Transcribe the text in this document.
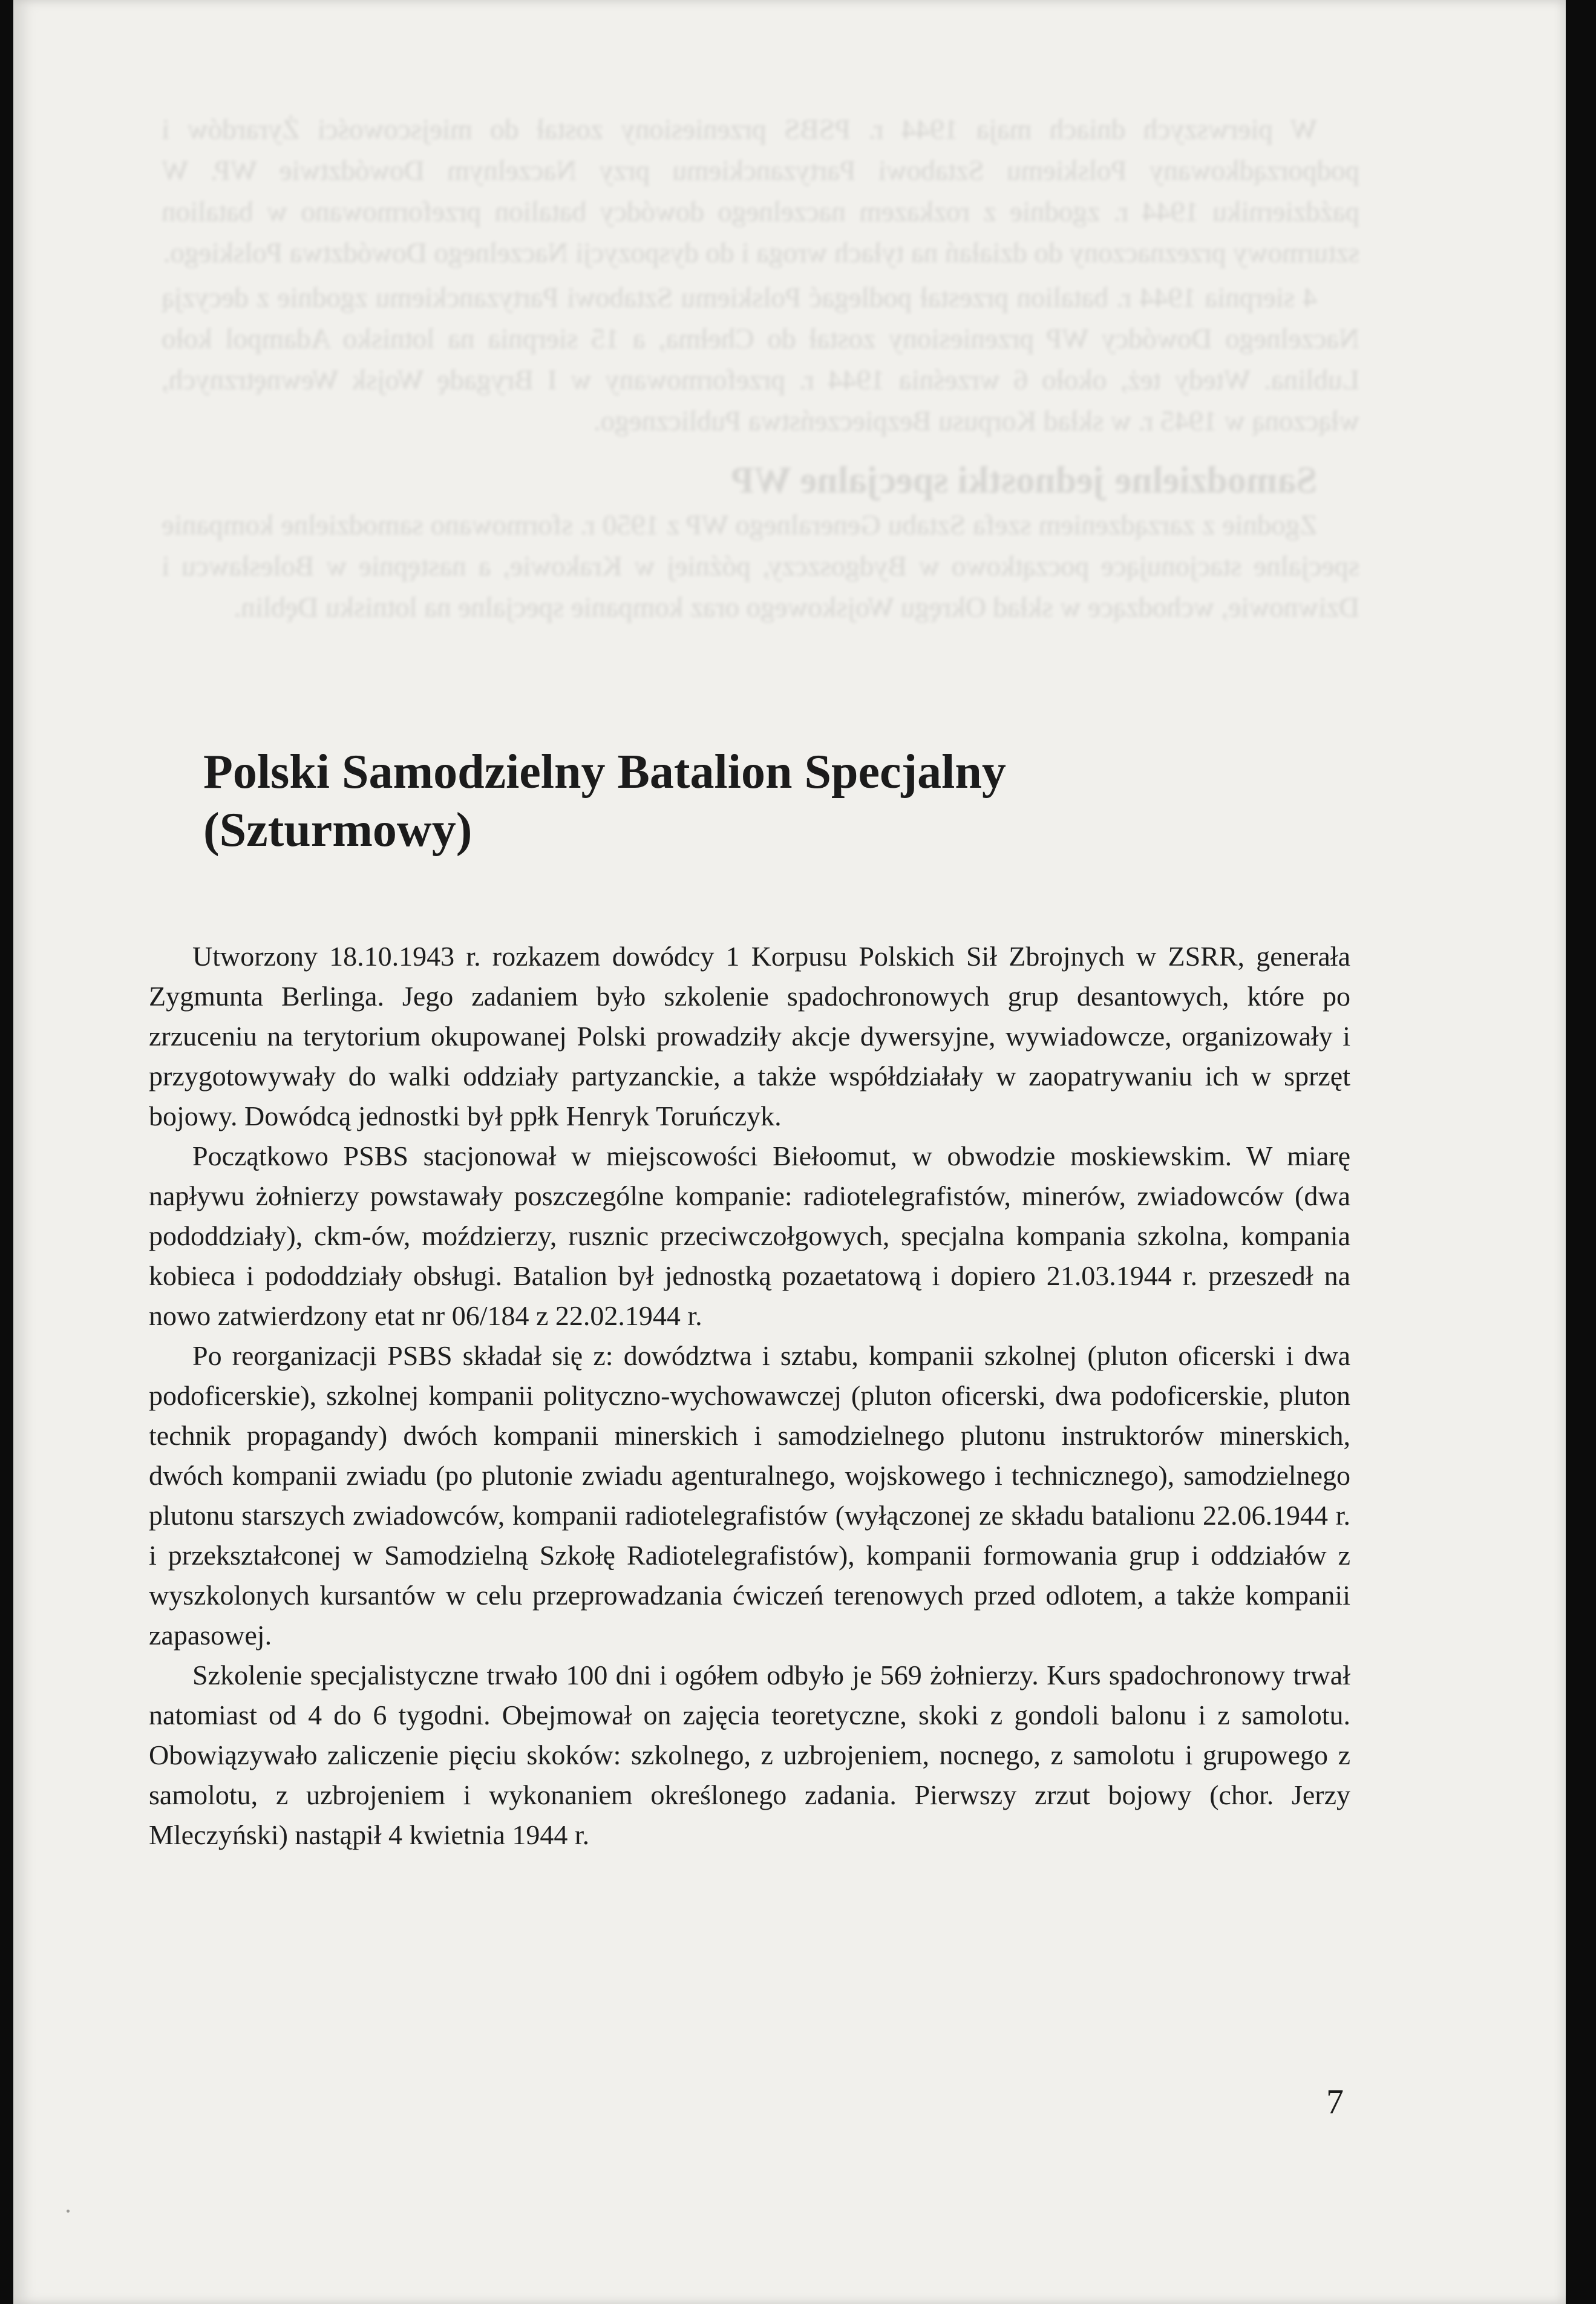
W pierwszych dniach maja 1944 r. PSBS przeniesiony został do miejscowości Żyrardów i podporządkowany Polskiemu Sztabowi Partyzanckiemu przy Naczelnym Dowództwie WP. W październiku 1944 r. zgodnie z rozkazem naczelnego dowódcy batalion przeformowano w batalion szturmowy przeznaczony do działań na tyłach wroga i do dyspozycji Naczelnego Dowództwa Polskiego.

4 sierpnia 1944 r. batalion przestał podlegać Polskiemu Sztabowi Partyzanckiemu zgodnie z decyzją Naczelnego Dowódcy WP przeniesiony został do Chełma, a 15 sierpnia na lotnisko Adampol koło Lublina. Wtedy też, około 6 września 1944 r. przeformowany w I Brygadę Wojsk Wewnętrznych, włączoną w 1945 r. w skład Korpusu Bezpieczeństwa Publicznego.

Samodzielne jednostki specjalne WP

Zgodnie z zarządzeniem szefa Sztabu Generalnego WP z 1950 r. sformowano samodzielne kompanie specjalne stacjonujące początkowo w Bydgoszczy, później w Krakowie, a następnie w Bolesławcu i Dziwnowie, wchodzące w skład Okręgu Wojskowego oraz kompanie specjalne na lotnisku Dęblin.

Polski Samodzielny Batalion Specjalny
(Szturmowy)

Utworzony 18.10.1943 r. rozkazem dowódcy 1 Korpusu Polskich Sił Zbrojnych w ZSRR, generała Zygmunta Berlinga. Jego zadaniem było szkolenie spadochronowych grup desantowych, które po zrzuceniu na terytorium okupowanej Polski prowadziły akcje dywersyjne, wywiadowcze, organizowały i przygotowywały do walki oddziały partyzanckie, a także współdziałały w zaopatrywaniu ich w sprzęt bojowy. Dowódcą jednostki był ppłk Henryk Toruńczyk.

Początkowo PSBS stacjonował w miejscowości Biełoomut, w obwodzie moskiewskim. W miarę napływu żołnierzy powstawały poszczególne kompanie: radiotelegrafistów, minerów, zwiadowców (dwa pododdziały), ckm-ów, moździerzy, rusznic przeciwczołgowych, specjalna kompania szkolna, kompania kobieca i pododdziały obsługi. Batalion był jednostką pozaetatową i dopiero 21.03.1944 r. przeszedł na nowo zatwierdzony etat nr 06/184 z 22.02.1944 r.

Po reorganizacji PSBS składał się z: dowództwa i sztabu, kompanii szkolnej (pluton oficerski i dwa podoficerskie), szkolnej kompanii polityczno-wychowawczej (pluton oficerski, dwa podoficerskie, pluton technik propagandy) dwóch kompanii minerskich i samodzielnego plutonu instruktorów minerskich, dwóch kompanii zwiadu (po plutonie zwiadu agenturalnego, wojskowego i technicznego), samodzielnego plutonu starszych zwiadowców, kompanii radiotelegrafistów (wyłączonej ze składu batalionu 22.06.1944 r. i przekształconej w Samodzielną Szkołę Radiotelegrafistów), kompanii formowania grup i oddziałów z wyszkolonych kursantów w celu przeprowadzania ćwiczeń terenowych przed odlotem, a także kompanii zapasowej.

Szkolenie specjalistyczne trwało 100 dni i ogółem odbyło je 569 żołnierzy. Kurs spadochronowy trwał natomiast od 4 do 6 tygodni. Obejmował on zajęcia teoretyczne, skoki z gondoli balonu i z samolotu. Obowiązywało zaliczenie pięciu skoków: szkolnego, z uzbrojeniem, nocnego, z samolotu i grupowego z samolotu, z uzbrojeniem i wykonaniem określonego zadania. Pierwszy zrzut bojowy (chor. Jerzy Mleczyński) nastąpił 4 kwietnia 1944 r.

7
